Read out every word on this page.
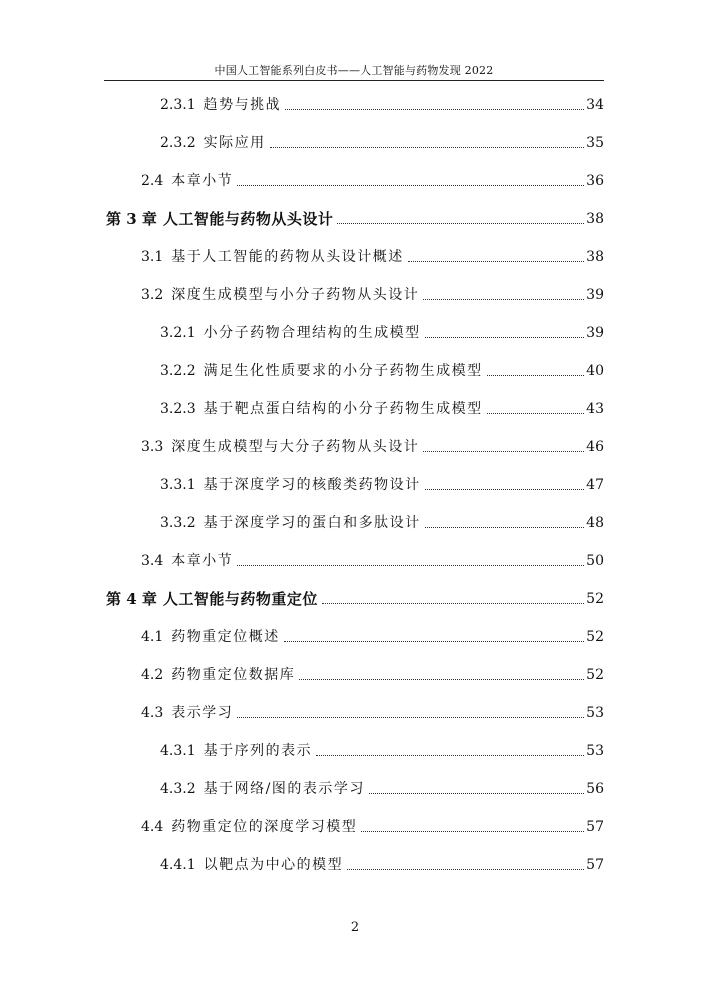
中国人工智能系列白皮书——人工智能与药物发现 2022
2.3.1 趋势与挑战	34
2.3.2 实际应用	35
2.4 本章小节	36
第 3 章 人工智能与药物从头设计	38
3.1 基于人工智能的药物从头设计概述	38
3.2 深度生成模型与小分子药物从头设计	39
3.2.1 小分子药物合理结构的生成模型	39
3.2.2 满足生化性质要求的小分子药物生成模型	40
3.2.3 基于靶点蛋白结构的小分子药物生成模型	43
3.3 深度生成模型与大分子药物从头设计	46
3.3.1 基于深度学习的核酸类药物设计	47
3.3.2 基于深度学习的蛋白和多肽设计	48
3.4 本章小节	50
第 4 章 人工智能与药物重定位	52
4.1 药物重定位概述	52
4.2 药物重定位数据库	52
4.3 表示学习	53
4.3.1 基于序列的表示	53
4.3.2 基于网络/图的表示学习	56
4.4 药物重定位的深度学习模型	57
4.4.1 以靶点为中心的模型	57
2
